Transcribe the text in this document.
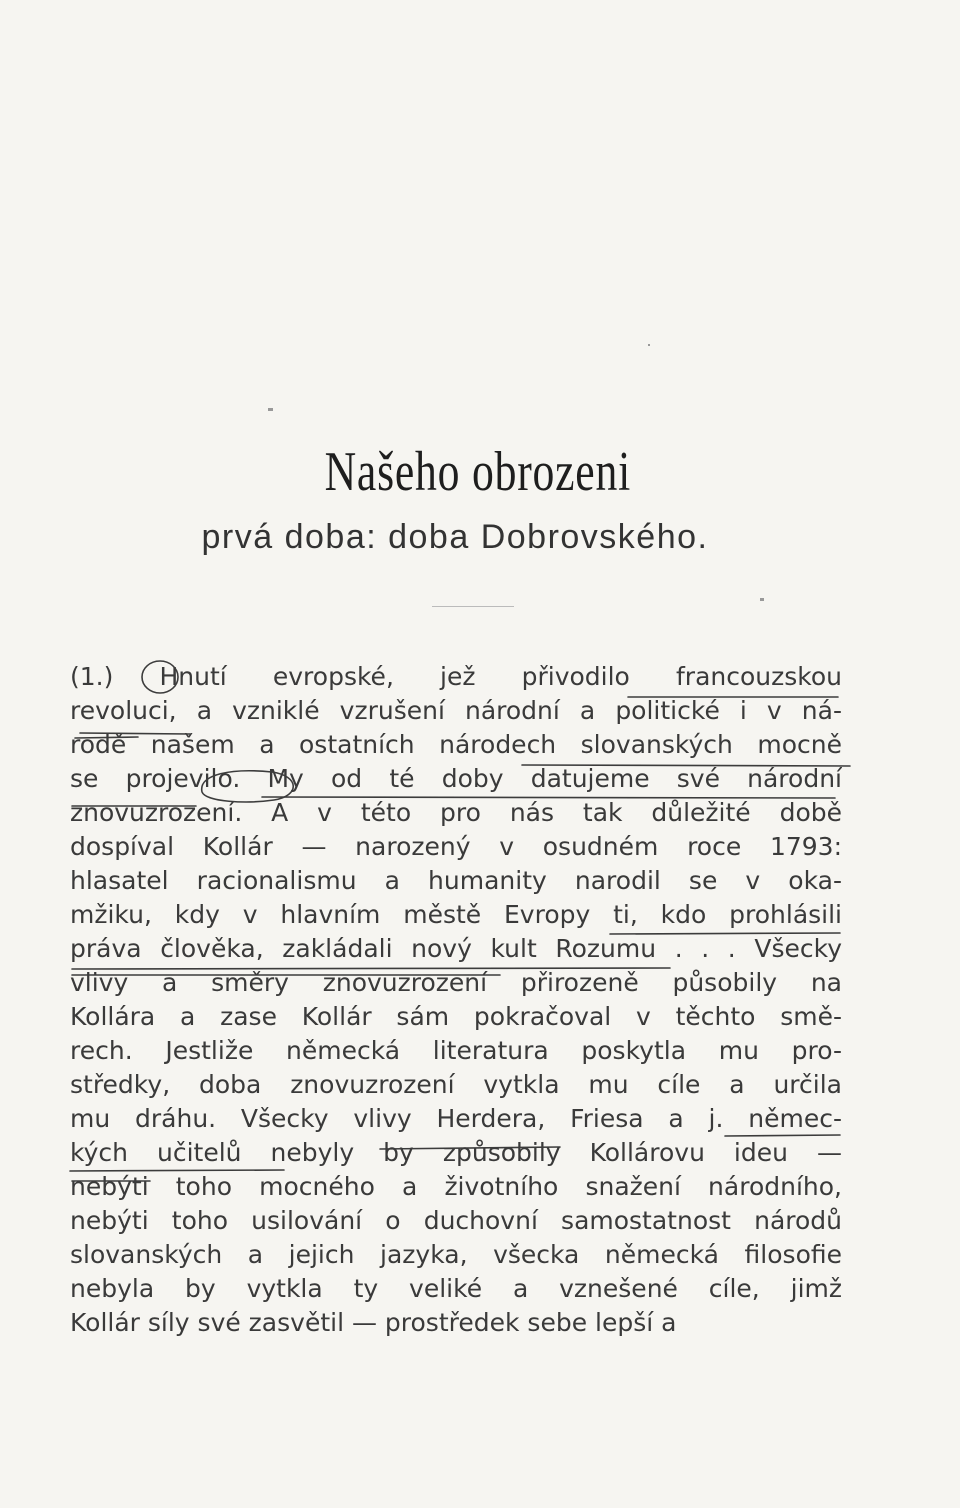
Našeho obrozeni
prvá doba: doba Dobrovského.
(1.) Hnutí evropské, jež přivodilo francouzskou
revoluci, a vzniklé vzrušení národní a politické i v ná-
rodě našem a ostatních národech slovanských mocně
se projevilo. My od té doby datujeme své národní
znovuzrození. A v této pro nás tak důležité době
dospíval Kollár — narozený v osudném roce 1793:
hlasatel racionalismu a humanity narodil se v oka-
mžiku, kdy v hlavním městě Evropy ti, kdo prohlásili
práva člověka, zakládali nový kult Rozumu . . . Všecky
vlivy a směry znovuzrození přirozeně působily na
Kollára a zase Kollár sám pokračoval v těchto smě-
rech. Jestliže německá literatura poskytla mu pro-
středky, doba znovuzrození vytkla mu cíle a určila
mu dráhu. Všecky vlivy Herdera, Friesa a j. němec-
kých učitelů nebyly by způsobily Kollárovu ideu —
nebýti toho mocného a životního snažení národního,
nebýti toho usilování o duchovní samostatnost národů
slovanských a jejich jazyka, všecka německá filosofie
nebyla by vytkla ty veliké a vznešené cíle, jimž
Kollár síly své zasvětil — prostředek sebe lepší a
